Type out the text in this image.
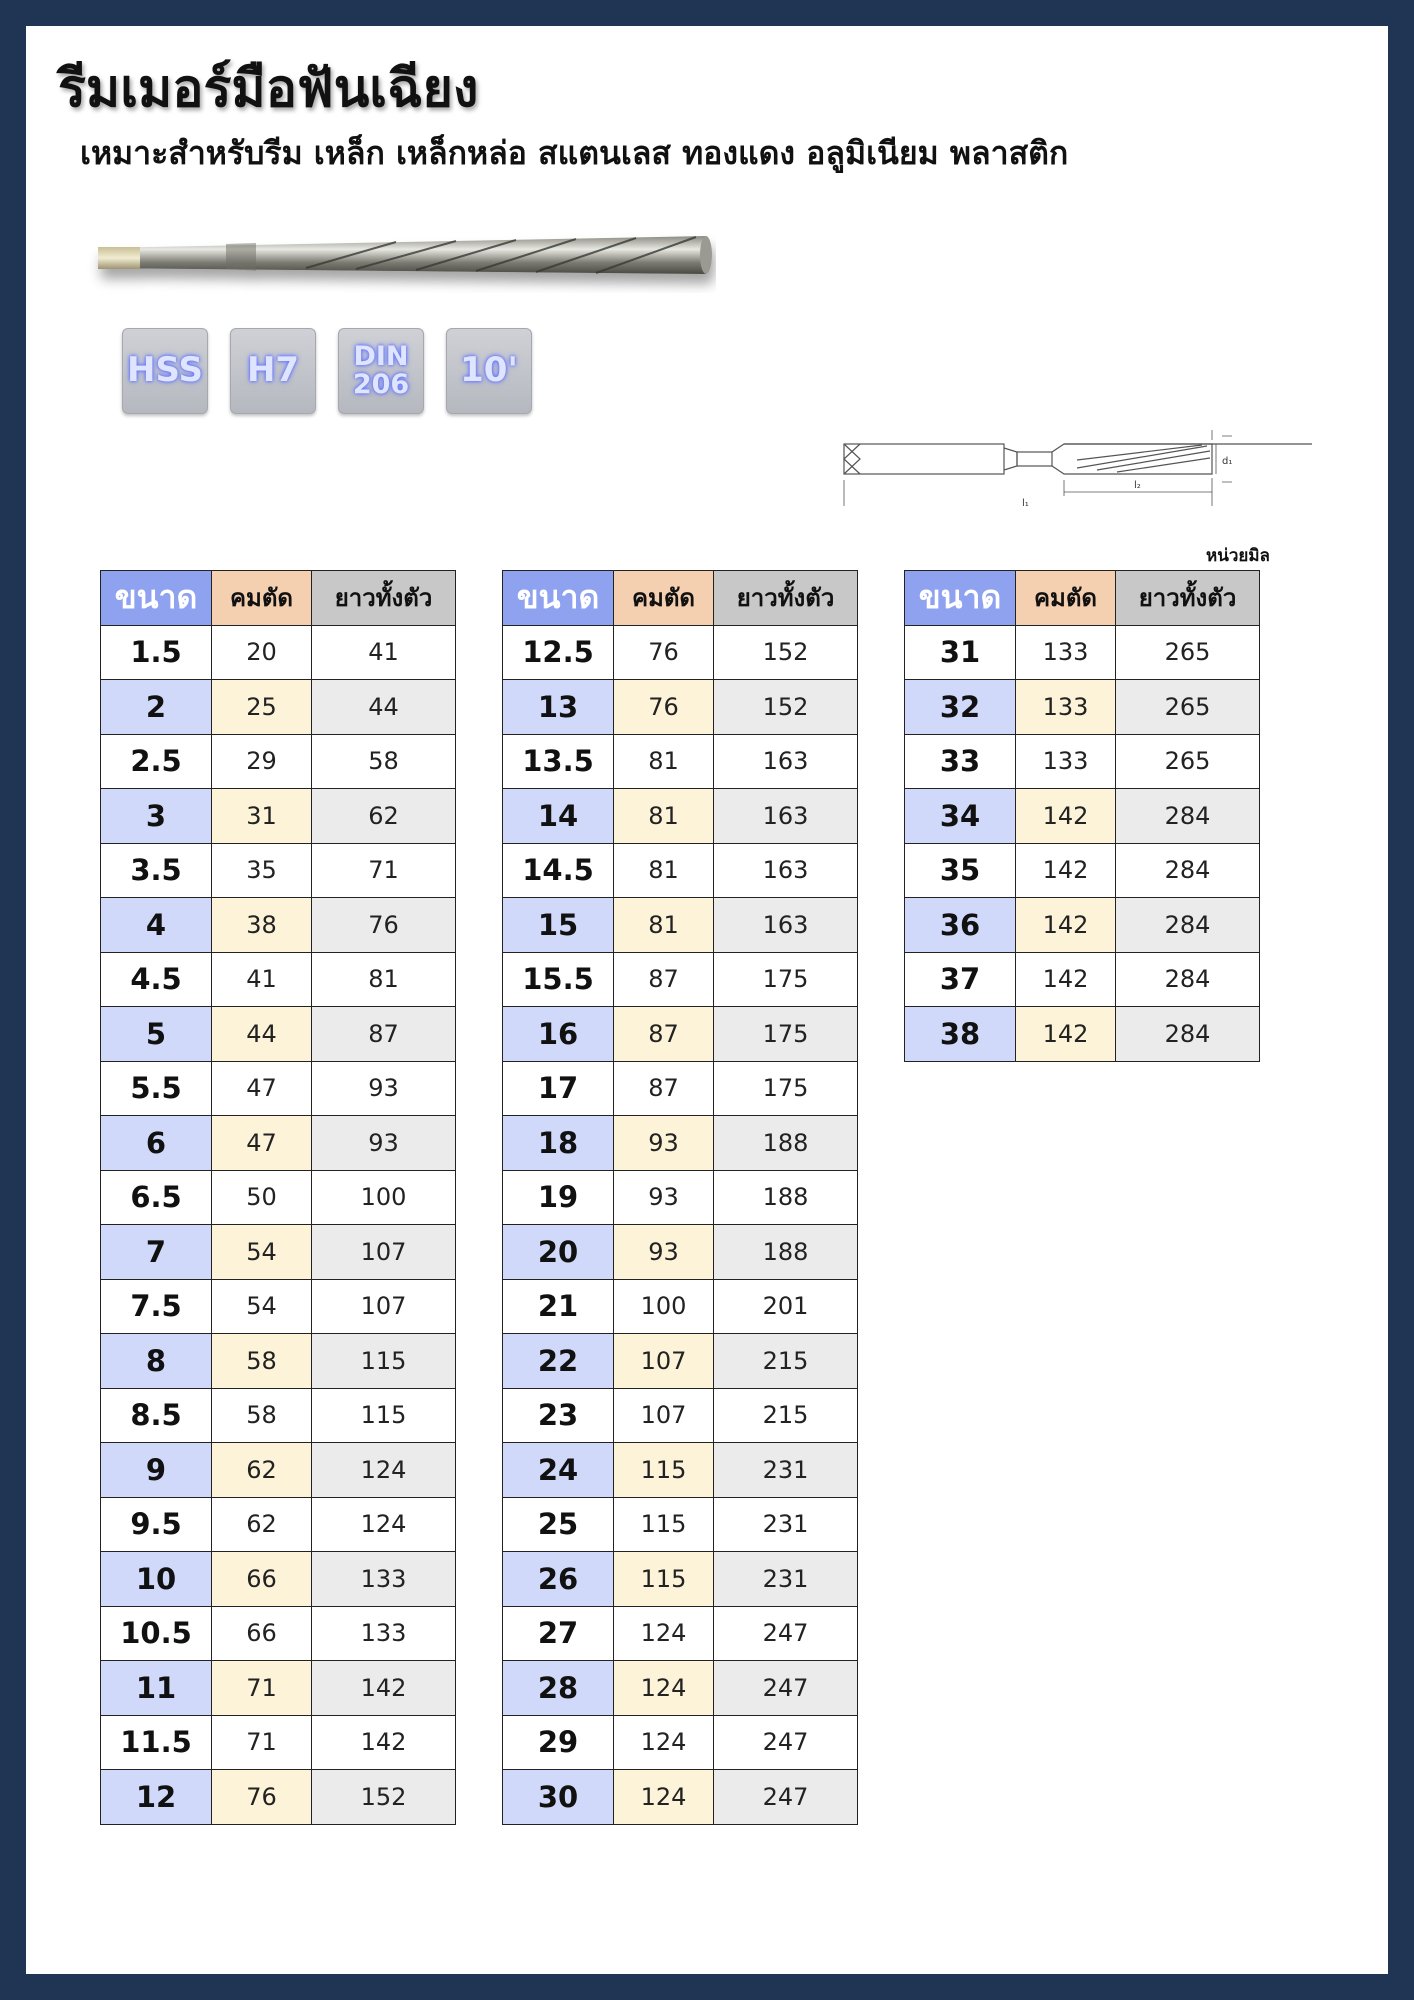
รีมเมอร์มือฟันเฉียง
เหมาะสำหรับรีม เหล็ก เหล็กหล่อ สแตนเลส ทองแดง อลูมิเนียม พลาสติก
HSS H7 DIN
206 10'
d₁
l₂
l₁
หน่วยมิล
ขนาด	คมตัด	ยาวทั้งตัว
1.5	20	41
2	25	44
2.5	29	58
3	31	62
3.5	35	71
4	38	76
4.5	41	81
5	44	87
5.5	47	93
6	47	93
6.5	50	100
7	54	107
7.5	54	107
8	58	115
8.5	58	115
9	62	124
9.5	62	124
10	66	133
10.5	66	133
11	71	142
11.5	71	142
12	76	152
ขนาด	คมตัด	ยาวทั้งตัว
12.5	76	152
13	76	152
13.5	81	163
14	81	163
14.5	81	163
15	81	163
15.5	87	175
16	87	175
17	87	175
18	93	188
19	93	188
20	93	188
21	100	201
22	107	215
23	107	215
24	115	231
25	115	231
26	115	231
27	124	247
28	124	247
29	124	247
30	124	247
ขนาด	คมตัด	ยาวทั้งตัว
31	133	265
32	133	265
33	133	265
34	142	284
35	142	284
36	142	284
37	142	284
38	142	284
